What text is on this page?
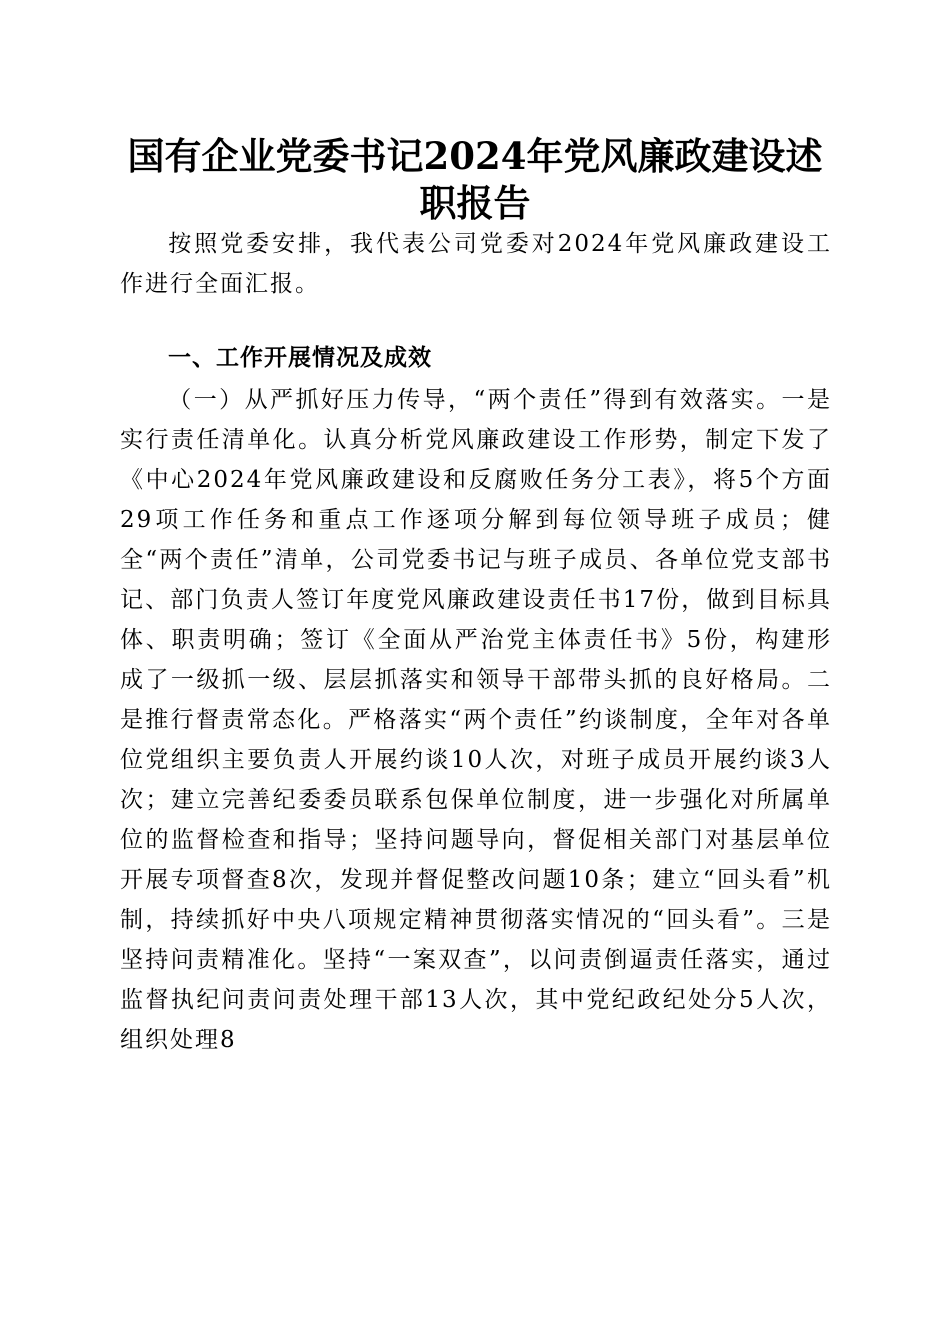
国有企业党委书记2024年党风廉政建设述职报告

按照党委安排，我代表公司党委对2024年党风廉政建设工作进行全面汇报。

一、工作开展情况及成效

（一）从严抓好压力传导，“两个责任”得到有效落实。一是实行责任清单化。认真分析党风廉政建设工作形势，制定下发了《中心2024年党风廉政建设和反腐败任务分工表》，将5个方面29项工作任务和重点工作逐项分解到每位领导班子成员；健全“两个责任”清单，公司党委书记与班子成员、各单位党支部书记、部门负责人签订年度党风廉政建设责任书17份，做到目标具体、职责明确；签订《全面从严治党主体责任书》5份，构建形成了一级抓一级、层层抓落实和领导干部带头抓的良好格局。二是推行督责常态化。严格落实“两个责任”约谈制度，全年对各单位党组织主要负责人开展约谈10人次，对班子成员开展约谈3人次；建立完善纪委委员联系包保单位制度，进一步强化对所属单位的监督检查和指导；坚持问题导向，督促相关部门对基层单位开展专项督查8次，发现并督促整改问题10条；建立“回头看”机制，持续抓好中央八项规定精神贯彻落实情况的“回头看”。三是坚持问责精准化。坚持“一案双查”，以问责倒逼责任落实，通过监督执纪问责问责处理干部13人次，其中党纪政纪处分5人次，组织处理8
